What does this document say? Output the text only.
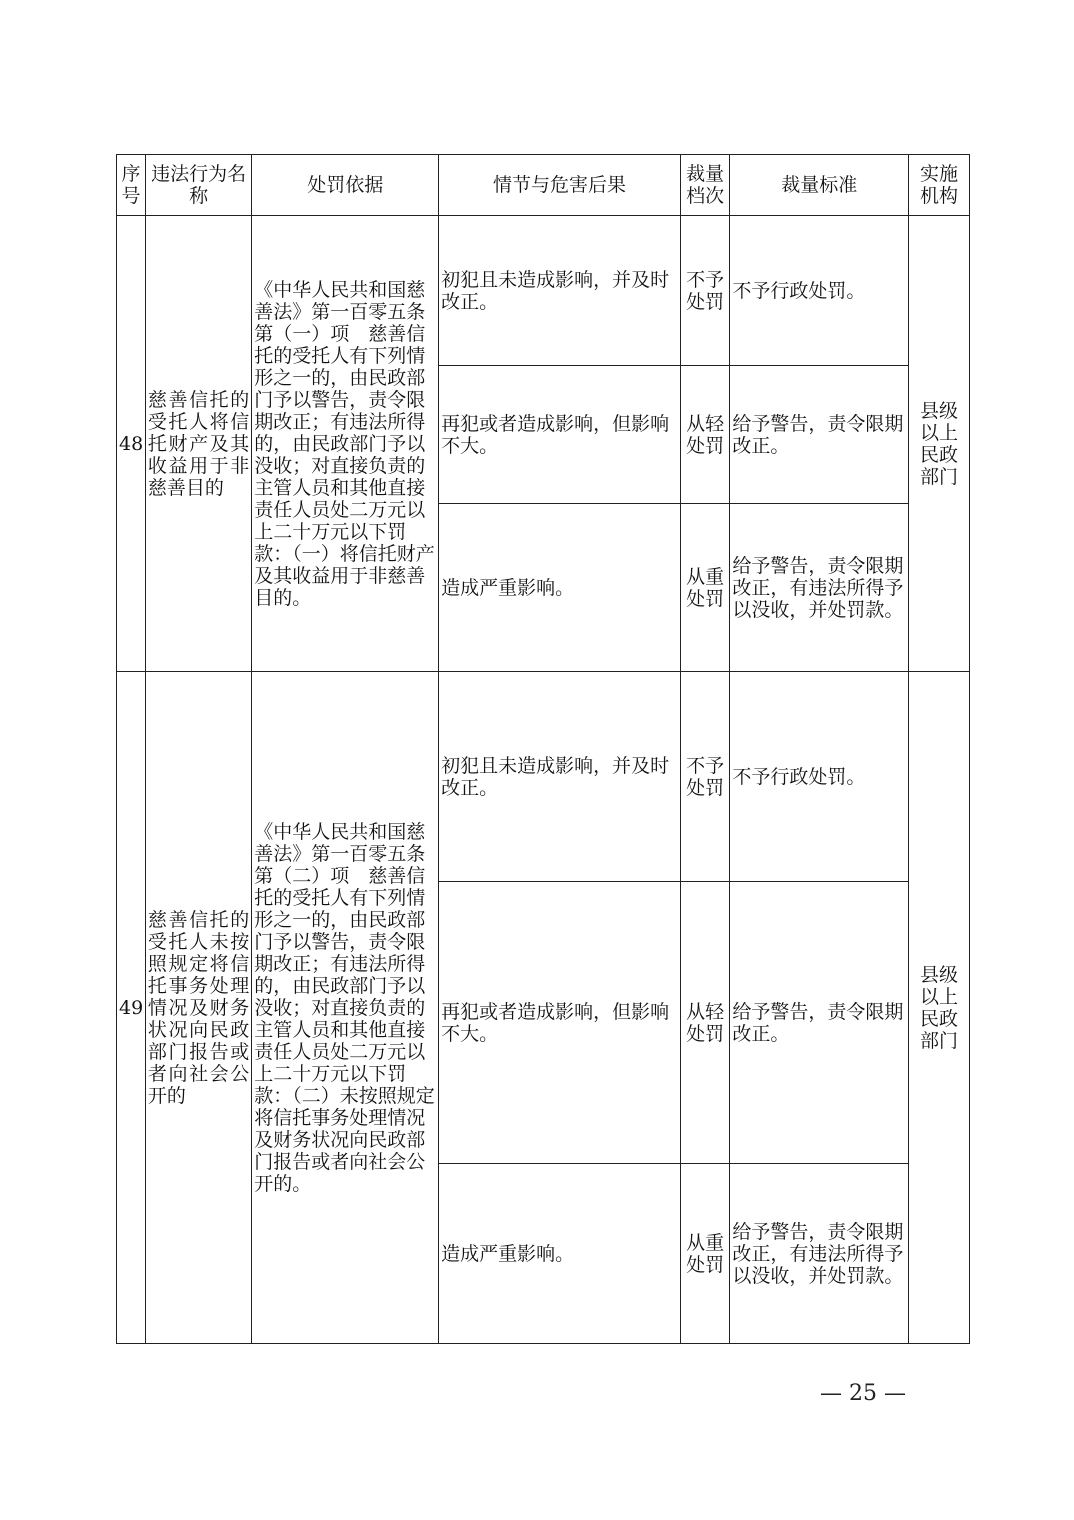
序号	违法行为名称	处罚依据	情节与危害后果	裁量档次	裁量标准	实施机构
48	慈善信托的受托人将信托财产及其收益用于非慈善目的	《中华人民共和国慈善法》第一百零五条第（一）项　慈善信托的受托人有下列情形之一的，由民政部门予以警告，责令限期改正；有违法所得的，由民政部门予以没收；对直接负责的主管人员和其他直接责任人员处二万元以上二十万元以下罚款：（一）将信托财产及其收益用于非慈善目的。	初犯且未造成影响，并及时改正。	不予处罚	不予行政处罚。	县级以上民政部门
			再犯或者造成影响，但影响不大。	从轻处罚	给予警告，责令限期改正。	
			造成严重影响。	从重处罚	给予警告，责令限期改正，有违法所得予以没收，并处罚款。	
49	慈善信托的受托人未按照规定将信托事务处理情况及财务状况向民政部门报告或者向社会公开的	《中华人民共和国慈善法》第一百零五条第（二）项　慈善信托的受托人有下列情形之一的，由民政部门予以警告，责令限期改正；有违法所得的，由民政部门予以没收；对直接负责的主管人员和其他直接责任人员处二万元以上二十万元以下罚款：（二）未按照规定将信托事务处理情况及财务状况向民政部门报告或者向社会公开的。	初犯且未造成影响，并及时改正。	不予处罚	不予行政处罚。	县级以上民政部门
			再犯或者造成影响，但影响不大。	从轻处罚	给予警告，责令限期改正。	
			造成严重影响。	从重处罚	给予警告，责令限期改正，有违法所得予以没收，并处罚款。	
— 25 —
